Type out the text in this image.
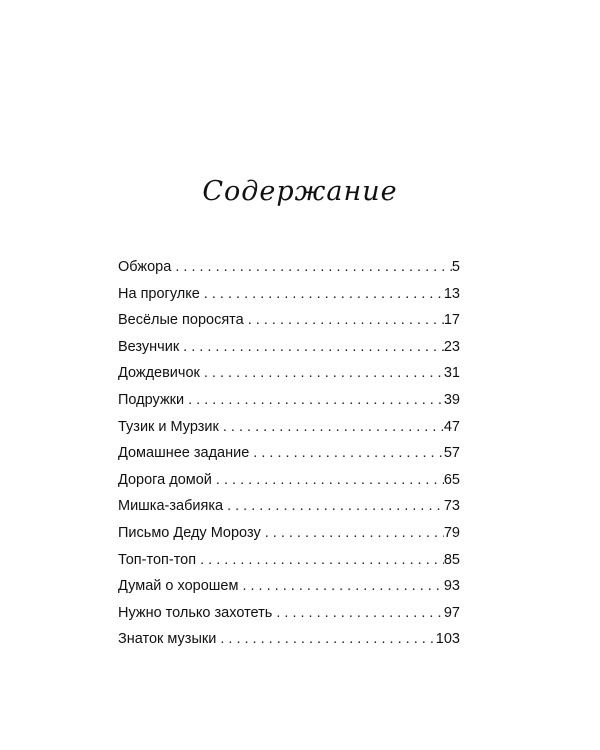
Содержание
Обжора . . .	5
На прогулке . . .	13
Весёлые поросята . . .	17
Везунчик . . .	23
Дождевичок . . .	31
Подружки . . .	39
Тузик и Мурзик . . .	47
Домашнее задание . . .	57
Дорога домой . . .	65
Мишка-забияка . . .	73
Письмо Деду Морозу . . .	79
Топ-топ-топ . . .	85
Думай о хорошем . . .	93
Нужно только захотеть . . .	97
Знаток музыки . . .	103
